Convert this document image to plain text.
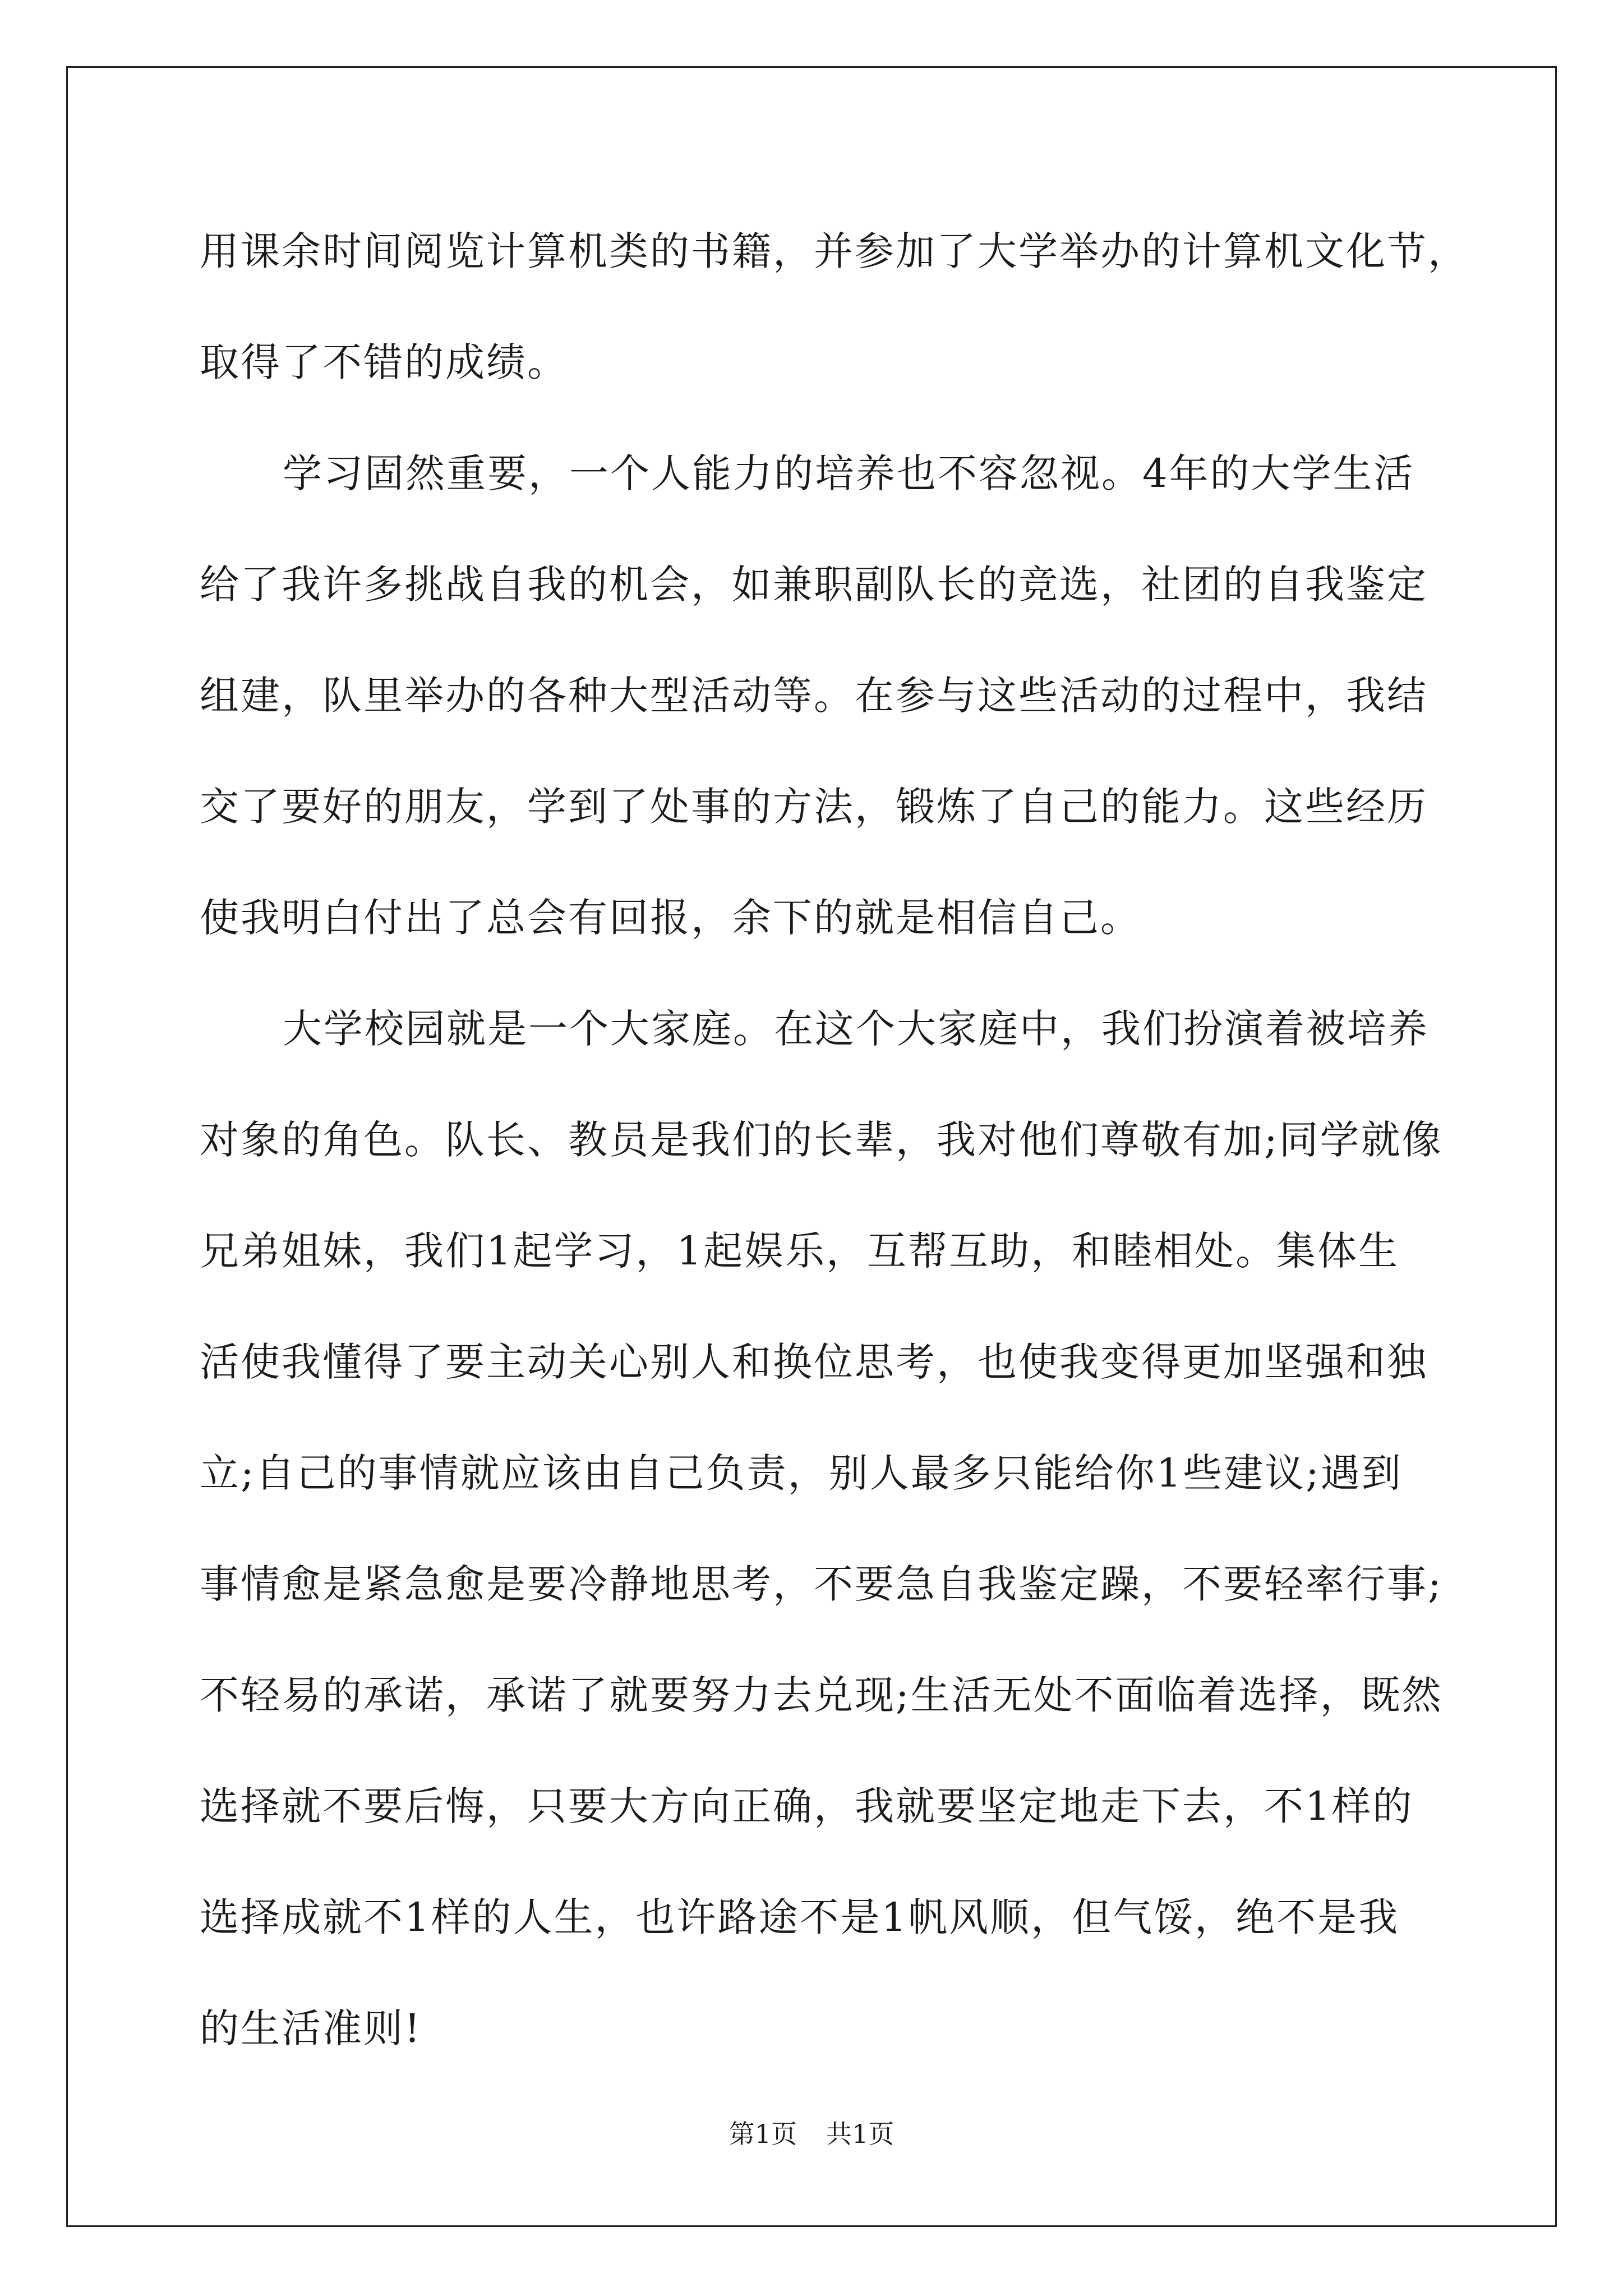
用课余时间阅览计算机类的书籍，并参加了大学举办的计算机文化节，
取得了不错的成绩。
学习固然重要，一个人能力的培养也不容忽视。4年的大学生活
给了我许多挑战自我的机会，如兼职副队长的竞选，社团的自我鉴定
组建，队里举办的各种大型活动等。在参与这些活动的过程中，我结
交了要好的朋友，学到了处事的方法，锻炼了自己的能力。这些经历
使我明白付出了总会有回报，余下的就是相信自己。
大学校园就是一个大家庭。在这个大家庭中，我们扮演着被培养
对象的角色。队长、教员是我们的长辈，我对他们尊敬有加;同学就像
兄弟姐妹，我们1起学习，1起娱乐，互帮互助，和睦相处。集体生
活使我懂得了要主动关心别人和换位思考，也使我变得更加坚强和独
立;自己的事情就应该由自己负责，别人最多只能给你1些建议;遇到
事情愈是紧急愈是要冷静地思考，不要急自我鉴定躁，不要轻率行事;
不轻易的承诺，承诺了就要努力去兑现;生活无处不面临着选择，既然
选择就不要后悔，只要大方向正确，我就要坚定地走下去，不1样的
选择成就不1样的人生，也许路途不是1帆风顺，但气馁，绝不是我
的生活准则!
第1页 共1页
